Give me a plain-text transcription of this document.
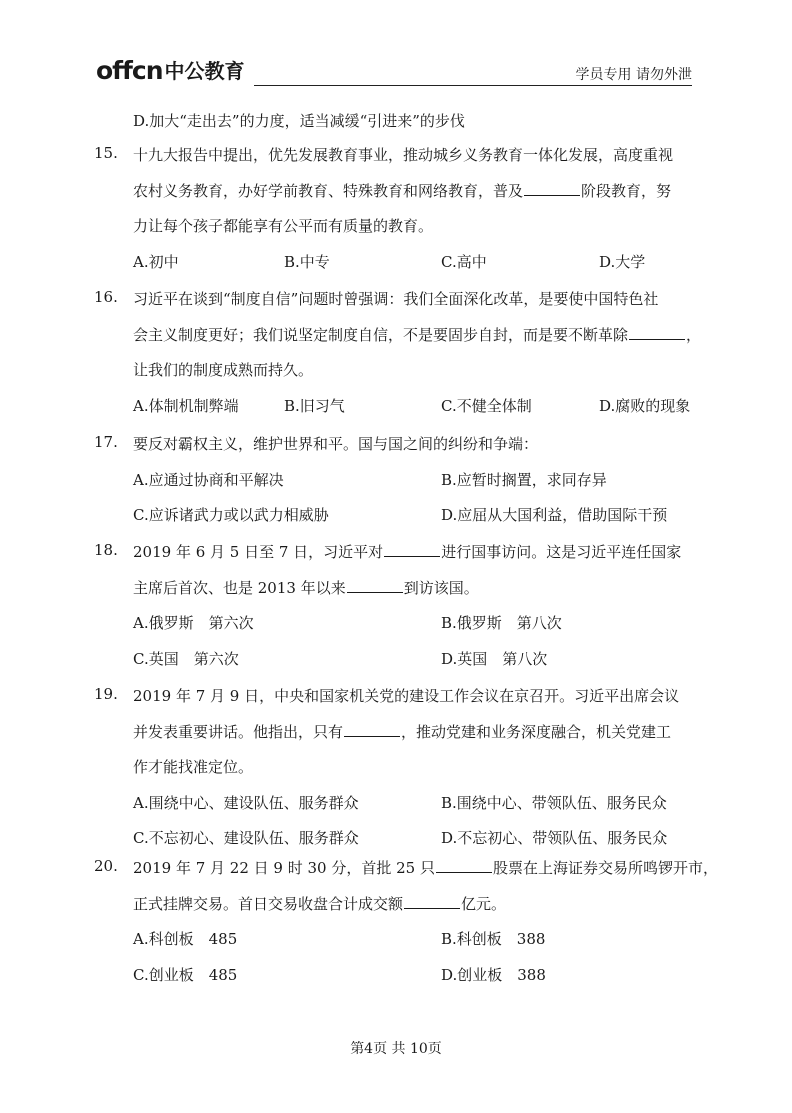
offcn 中公教育	学员专用 请勿外泄
D.加大“走出去”的力度，适当减缓“引进来”的步伐
15. 十九大报告中提出，优先发展教育事业，推动城乡义务教育一体化发展，高度重视
农村义务教育，办好学前教育、特殊教育和网络教育，普及	阶段教育，努
力让每个孩子都能享有公平而有质量的教育。
A.初中	B.中专	C.高中	D.大学
16. 习近平在谈到“制度自信”问题时曾强调：我们全面深化改革，是要使中国特色社
会主义制度更好；我们说坚定制度自信，不是要固步自封，而是要不断革除	，
让我们的制度成熟而持久。
A.体制机制弊端	B.旧习气	C.不健全体制	D.腐败的现象
17. 要反对霸权主义，维护世界和平。国与国之间的纠纷和争端：
A.应通过协商和平解决	B.应暂时搁置，求同存异
C.应诉诸武力或以武力相威胁	D.应屈从大国利益，借助国际干预
18. 2019 年 6 月 5 日至 7 日，习近平对	进行国事访问。这是习近平连任国家
主席后首次、也是 2013 年以来	到访该国。
A.俄罗斯　第六次	B.俄罗斯　第八次
C.英国　第六次	D.英国　第八次
19. 2019 年 7 月 9 日，中央和国家机关党的建设工作会议在京召开。习近平出席会议
并发表重要讲话。他指出，只有	，推动党建和业务深度融合，机关党建工
作才能找准定位。
A.围绕中心、建设队伍、服务群众	B.围绕中心、带领队伍、服务民众
C.不忘初心、建设队伍、服务群众	D.不忘初心、带领队伍、服务民众
20. 2019 年 7 月 22 日 9 时 30 分，首批 25 只	股票在上海证券交易所鸣锣开市，
正式挂牌交易。首日交易收盘合计成交额	亿元。
A.科创板　485	B.科创板　388
C.创业板　485	D.创业板　388
第4页 共 10页
